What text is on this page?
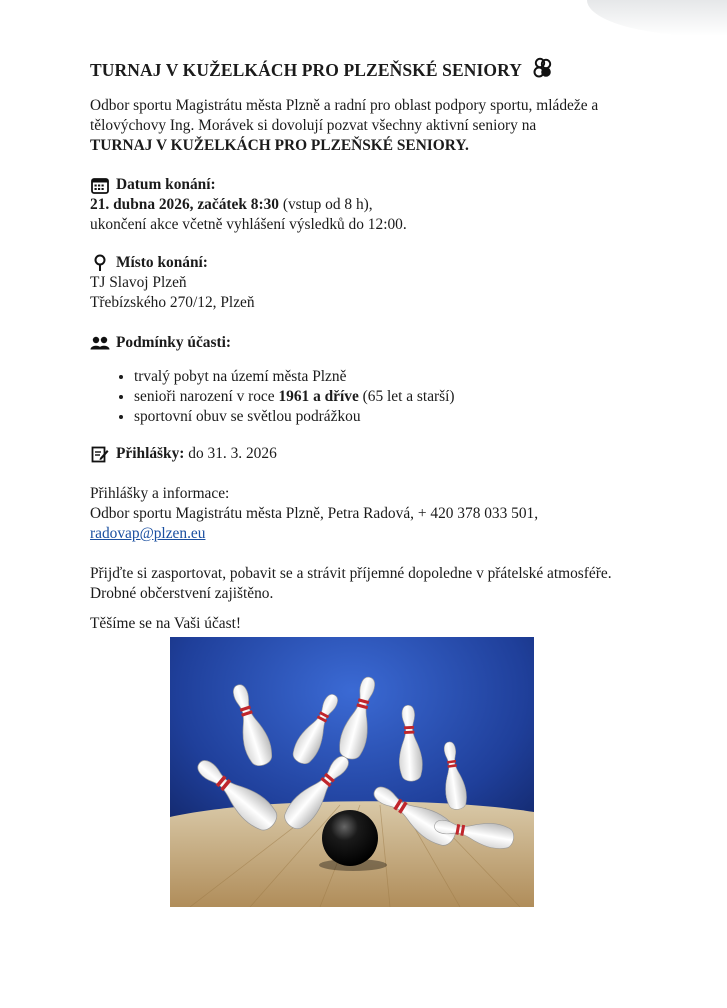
TURNAJ V KUŽELKÁCH PRO PLZEŇSKÉ SENIORY

Odbor sportu Magistrátu města Plzně a radní pro oblast podpory sportu, mládeže a tělovýchovy Ing. Morávek si dovolují pozvat všechny aktivní seniory na
TURNAJ V KUŽELKÁCH PRO PLZEŇSKÉ SENIORY.

Datum konání:

21. dubna 2026, začátek 8:30 (vstup od 8 h),

ukončení akce včetně vyhlášení výsledků do 12:00.

Místo konání:

TJ Slavoj Plzeň

Třebízského 270/12, Plzeň

Podmínky účasti:
• trvalý pobyt na území města Plzně
• senioři narození v roce 1961 a dříve (65 let a starší)
• sportovní obuv se světlou podrážkou
Přihlášky: do 31. 3. 2026

Přihlášky a informace:

Odbor sportu Magistrátu města Plzně, Petra Radová, + 420 378 033 501,

radovap@plzen.eu

Přijďte si zasportovat, pobavit se a strávit příjemné dopoledne v přátelské atmosféře. Drobné občerstvení zajištěno.

Těšíme se na Vaši účast!
